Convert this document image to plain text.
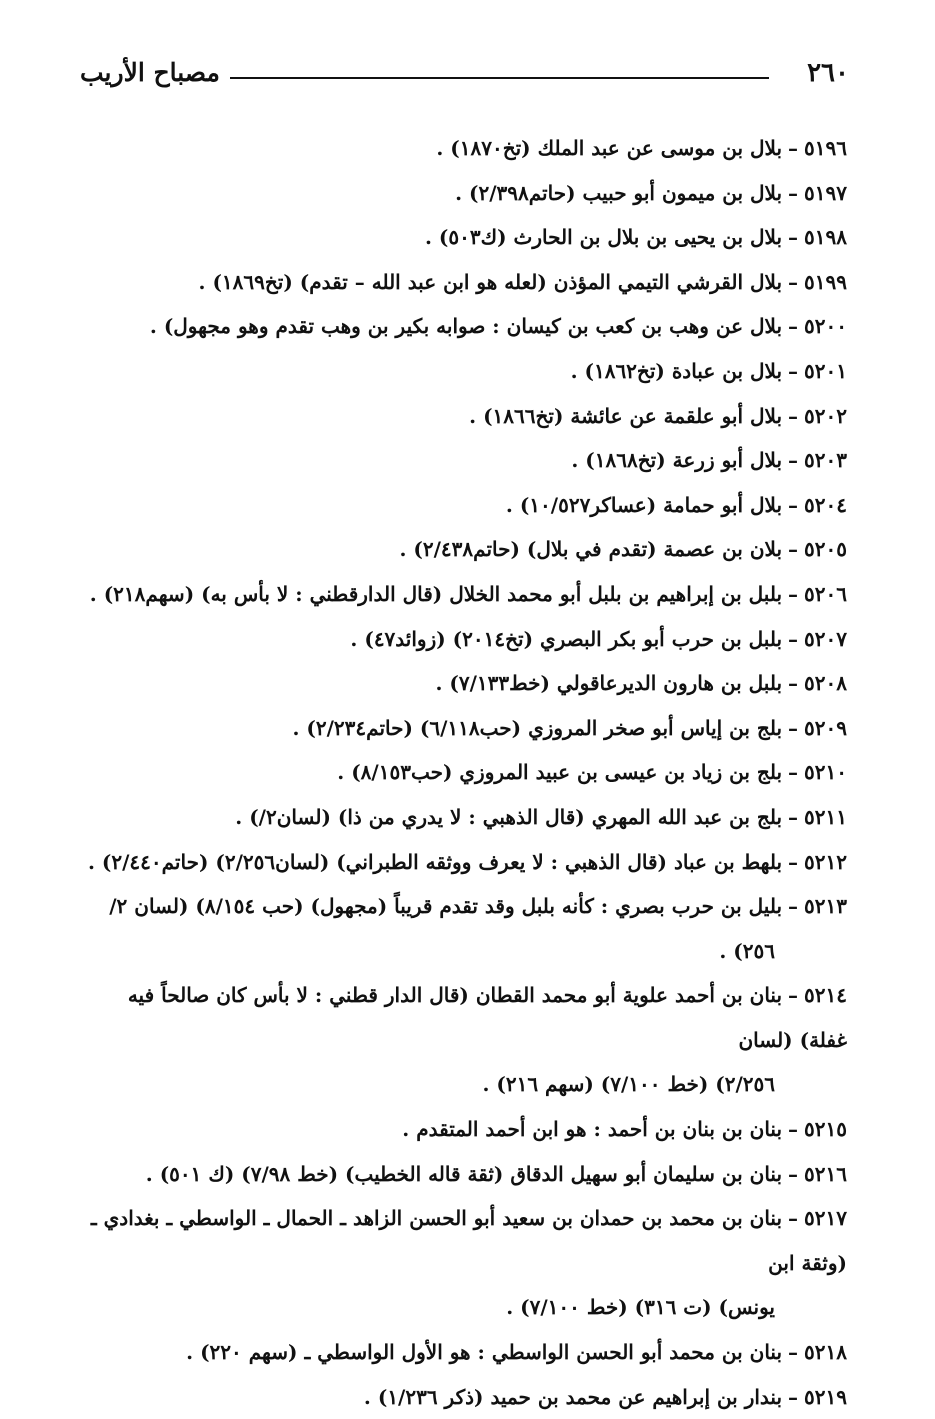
٢٦٠
مصباح الأريب

٥١٩٦–بلال بن موسى عن عبد الملك (تخ١٨٧٠) .

٥١٩٧–بلال بن ميمون أبو حبيب (حاتم٢/٣٩٨) .

٥١٩٨–بلال بن يحيى بن بلال بن الحارث (ك٥٠٣) .

٥١٩٩–بلال القرشي التيمي المؤذن (لعله هو ابن عبد الله – تقدم) (تخ١٨٦٩) .

٥٢٠٠–بلال عن وهب بن كعب بن كيسان : صوابه بكير بن وهب تقدم وهو مجهول) .

٥٢٠١–بلال بن عبادة (تخ١٨٦٢) .

٥٢٠٢–بلال أبو علقمة عن عائشة (تخ١٨٦٦) .

٥٢٠٣–بلال أبو زرعة (تخ١٨٦٨) .

٥٢٠٤–بلال أبو حمامة (عساكر١٠/٥٢٧) .

٥٢٠٥–بلان بن عصمة (تقدم في بلال) (حاتم٢/٤٣٨) .

٥٢٠٦–بلبل بن إبراهيم بن بلبل أبو محمد الخلال (قال الدارقطني : لا بأس به) (سهم٢١٨) .

٥٢٠٧–بلبل بن حرب أبو بكر البصري (تخ٢٠١٤) (زوائد٤٧) .

٥٢٠٨–بلبل بن هارون الديرعاقولي (خط٧/١٣٣) .

٥٢٠٩–بلج بن إياس أبو صخر المروزي (حب٦/١١٨) (حاتم٢/٢٣٤) .

٥٢١٠–بلج بن زياد بن عيسى بن عبيد المروزي (حب٨/١٥٣) .

٥٢١١–بلج بن عبد الله المهري (قال الذهبي : لا يدري من ذا) (لسان٢/) .

٥٢١٢–بلهط بن عباد (قال الذهبي : لا يعرف ووثقه الطبراني) (لسان٢/٢٥٦) (حاتم٢/٤٤٠) .

٥٢١٣–بليل بن حرب بصري : كأنه بلبل وقد تقدم قريباً (مجهول) (حب ٨/١٥٤) (لسان ٢/

٢٥٦) .

٥٢١٤–بنان بن أحمد علوية أبو محمد القطان (قال الدار قطني : لا بأس كان صالحاً فيه غفلة) (لسان

٢/٢٥٦) (خط ٧/١٠٠) (سهم ٢١٦) .

٥٢١٥–بنان بن بنان بن أحمد : هو ابن أحمد المتقدم .

٥٢١٦–بنان بن سليمان أبو سهيل الدقاق (ثقة قاله الخطيب) (خط ٧/٩٨) (ك ٥٠١) .

٥٢١٧–بنان بن محمد بن حمدان بن سعيد أبو الحسن الزاهد ـ الحمال ـ الواسطي ـ بغدادي ـ (وثقة ابن

يونس) (ت ٣١٦) (خط ٧/١٠٠) .

٥٢١٨–بنان بن محمد أبو الحسن الواسطي : هو الأول الواسطي ـ (سهم ٢٢٠) .

٥٢١٩–بندار بن إبراهيم عن محمد بن حميد (ذكر ١/٢٣٦) .
